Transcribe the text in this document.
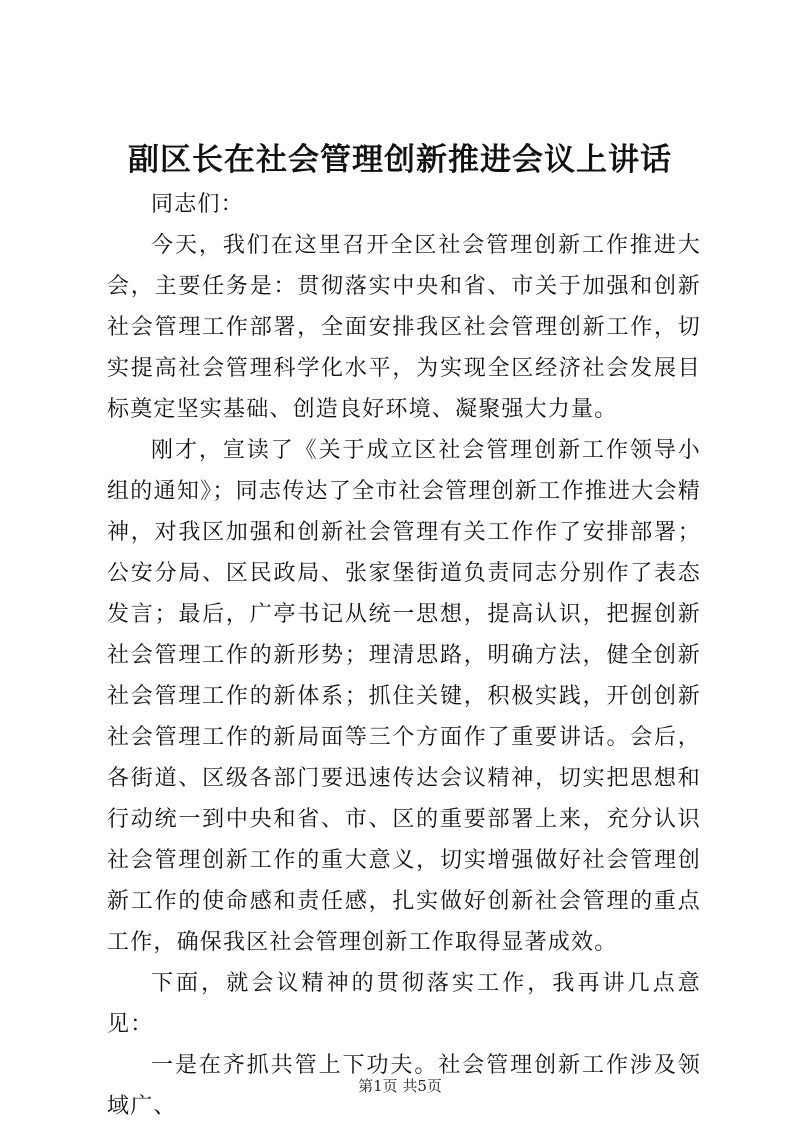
副区长在社会管理创新推进会议上讲话

同志们：

今天，我们在这里召开全区社会管理创新工作推进大会，主要任务是：贯彻落实中央和省、市关于加强和创新社会管理工作部署，全面安排我区社会管理创新工作，切实提高社会管理科学化水平，为实现全区经济社会发展目标奠定坚实基础、创造良好环境、凝聚强大力量。

刚才，宣读了《关于成立区社会管理创新工作领导小组的通知》；同志传达了全市社会管理创新工作推进大会精神，对我区加强和创新社会管理有关工作作了安排部署；公安分局、区民政局、张家堡街道负责同志分别作了表态发言；最后，广亭书记从统一思想，提高认识，把握创新社会管理工作的新形势；理清思路，明确方法，健全创新社会管理工作的新体系；抓住关键，积极实践，开创创新社会管理工作的新局面等三个方面作了重要讲话。会后，各街道、区级各部门要迅速传达会议精神，切实把思想和行动统一到中央和省、市、区的重要部署上来，充分认识社会管理创新工作的重大意义，切实增强做好社会管理创新工作的使命感和责任感，扎实做好创新社会管理的重点工作，确保我区社会管理创新工作取得显著成效。

下面，就会议精神的贯彻落实工作，我再讲几点意见：

一是在齐抓共管上下功夫。社会管理创新工作涉及领域广、

第1页 共5页
